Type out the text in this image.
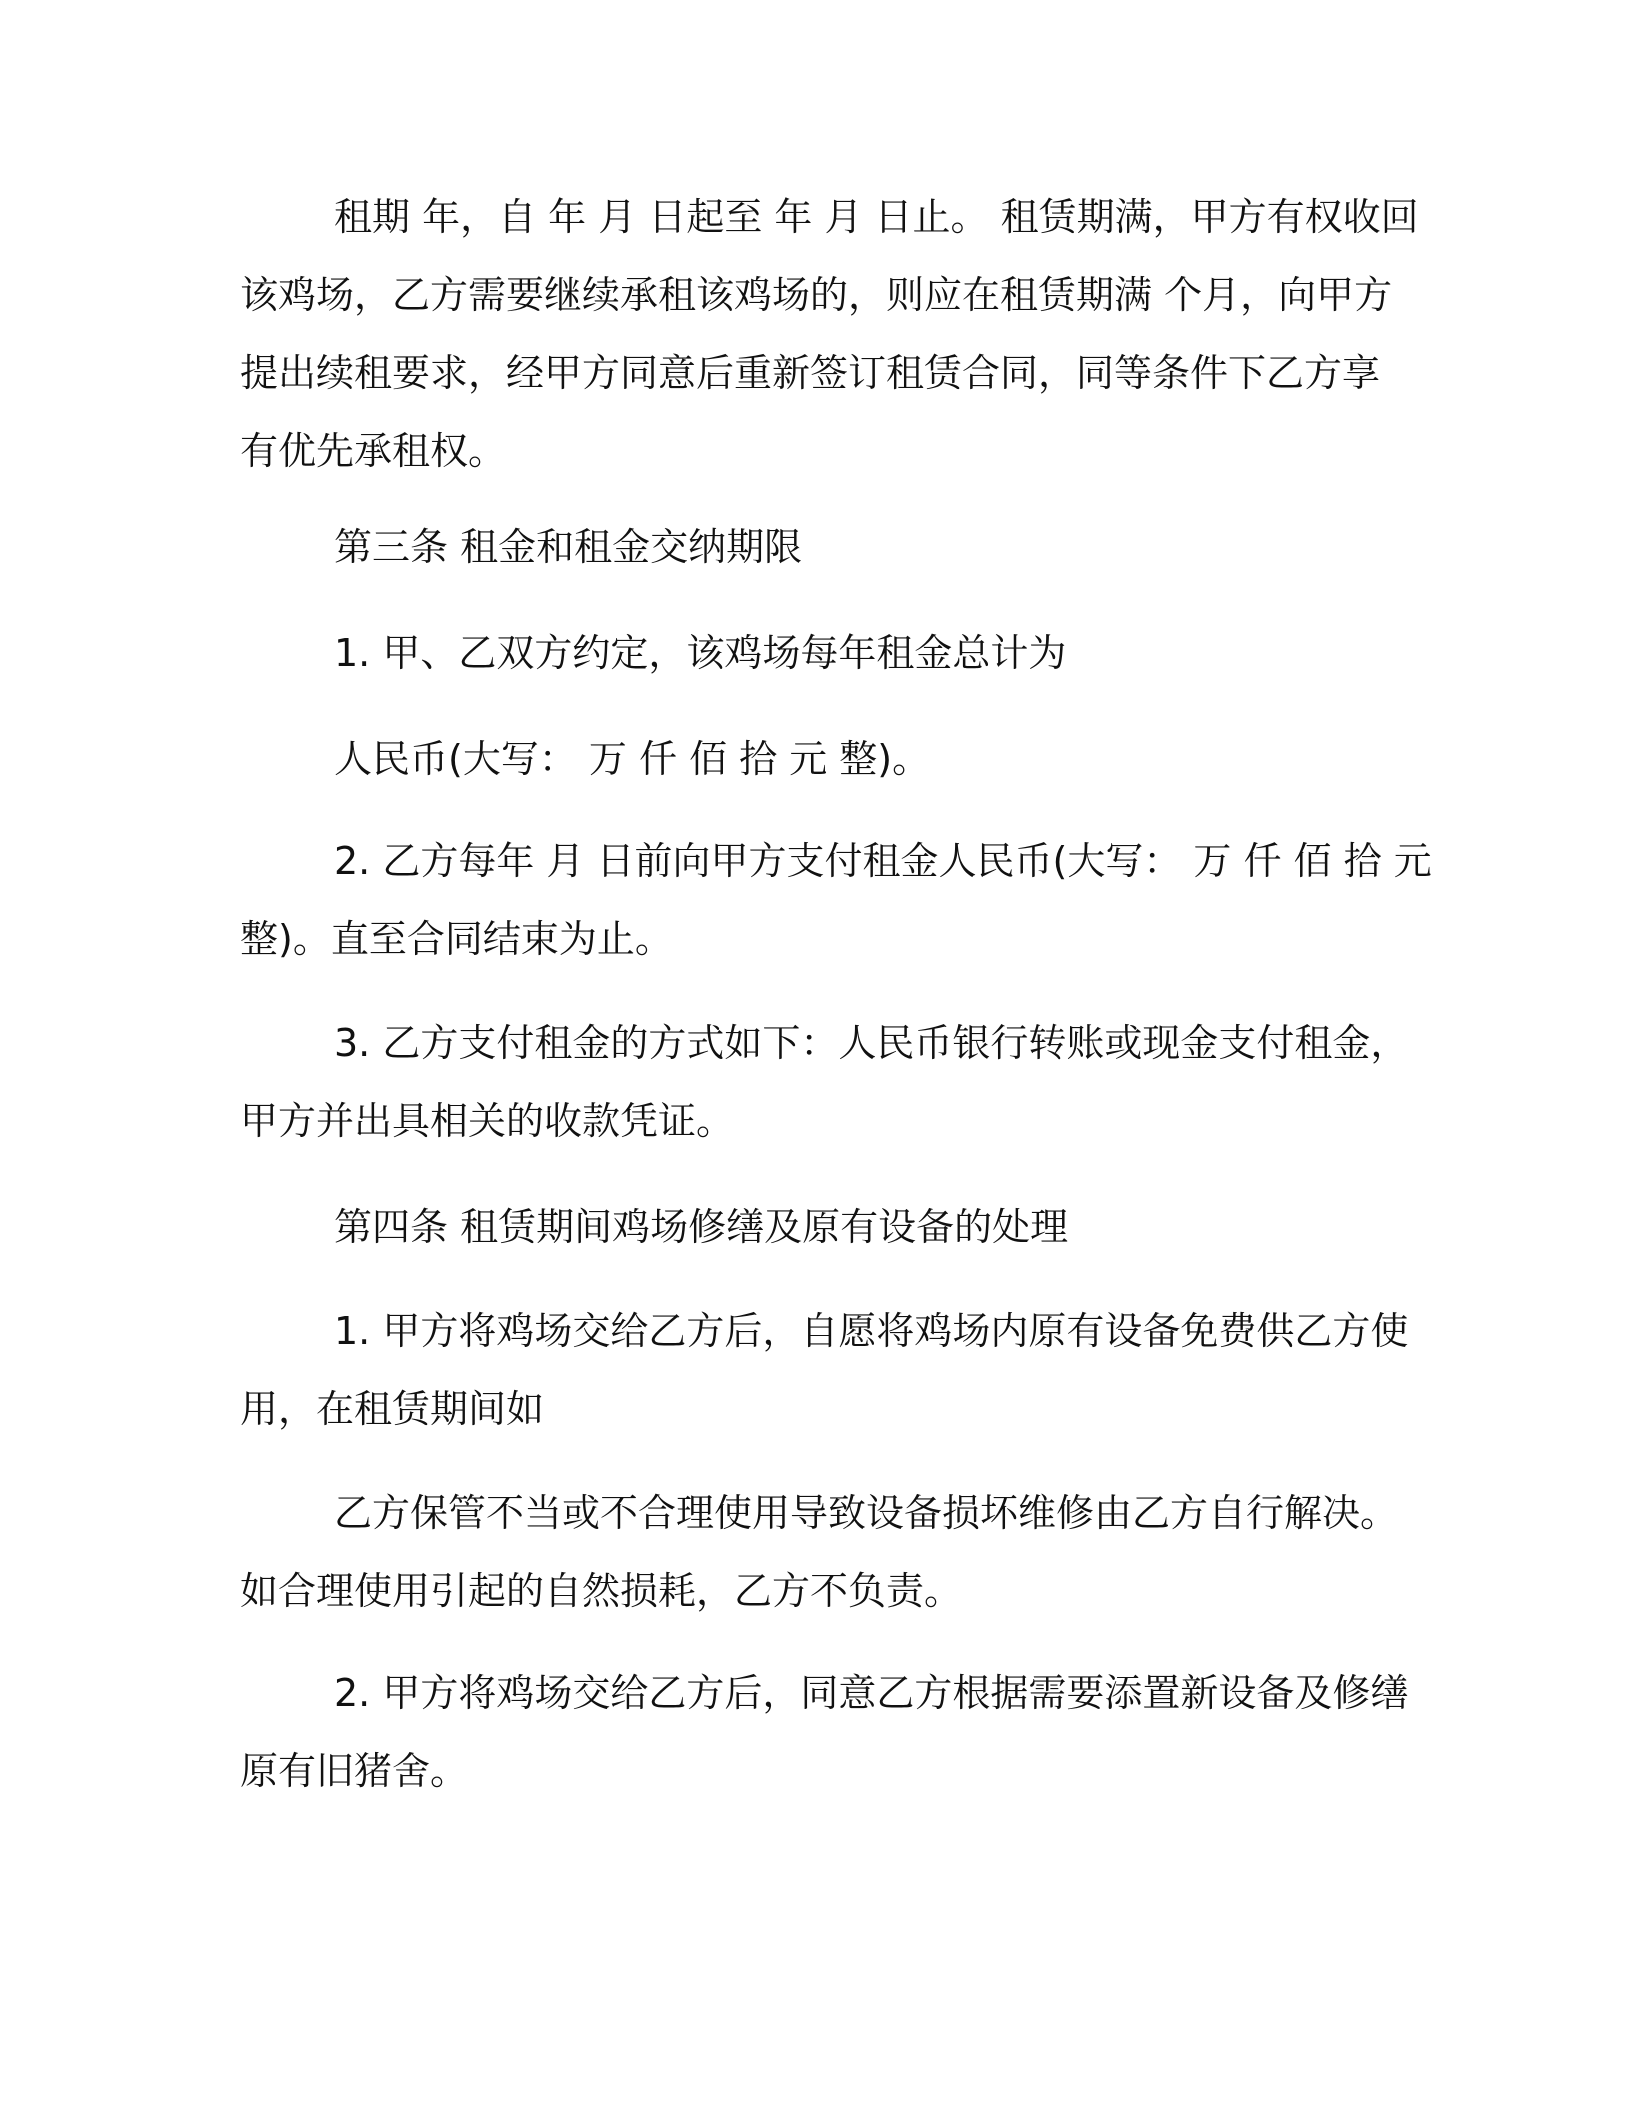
租期 年，自 年 月 日起至 年 月 日止。 租赁期满，甲方有权收回
该鸡场，乙方需要继续承租该鸡场的，则应在租赁期满 个月，向甲方
提出续租要求，经甲方同意后重新签订租赁合同，同等条件下乙方享
有优先承租权。
第三条 租金和租金交纳期限
1. 甲、乙双方约定，该鸡场每年租金总计为
人民币(大写： 万 仟 佰 拾 元 整)。
2. 乙方每年 月 日前向甲方支付租金人民币(大写： 万 仟 佰 拾 元
整)。直至合同结束为止。
3. 乙方支付租金的方式如下：人民币银行转账或现金支付租金，
甲方并出具相关的收款凭证。
第四条 租赁期间鸡场修缮及原有设备的处理
1. 甲方将鸡场交给乙方后，自愿将鸡场内原有设备免费供乙方使
用，在租赁期间如
乙方保管不当或不合理使用导致设备损坏维修由乙方自行解决。
如合理使用引起的自然损耗，乙方不负责。
2. 甲方将鸡场交给乙方后，同意乙方根据需要添置新设备及修缮
原有旧猪舍。
